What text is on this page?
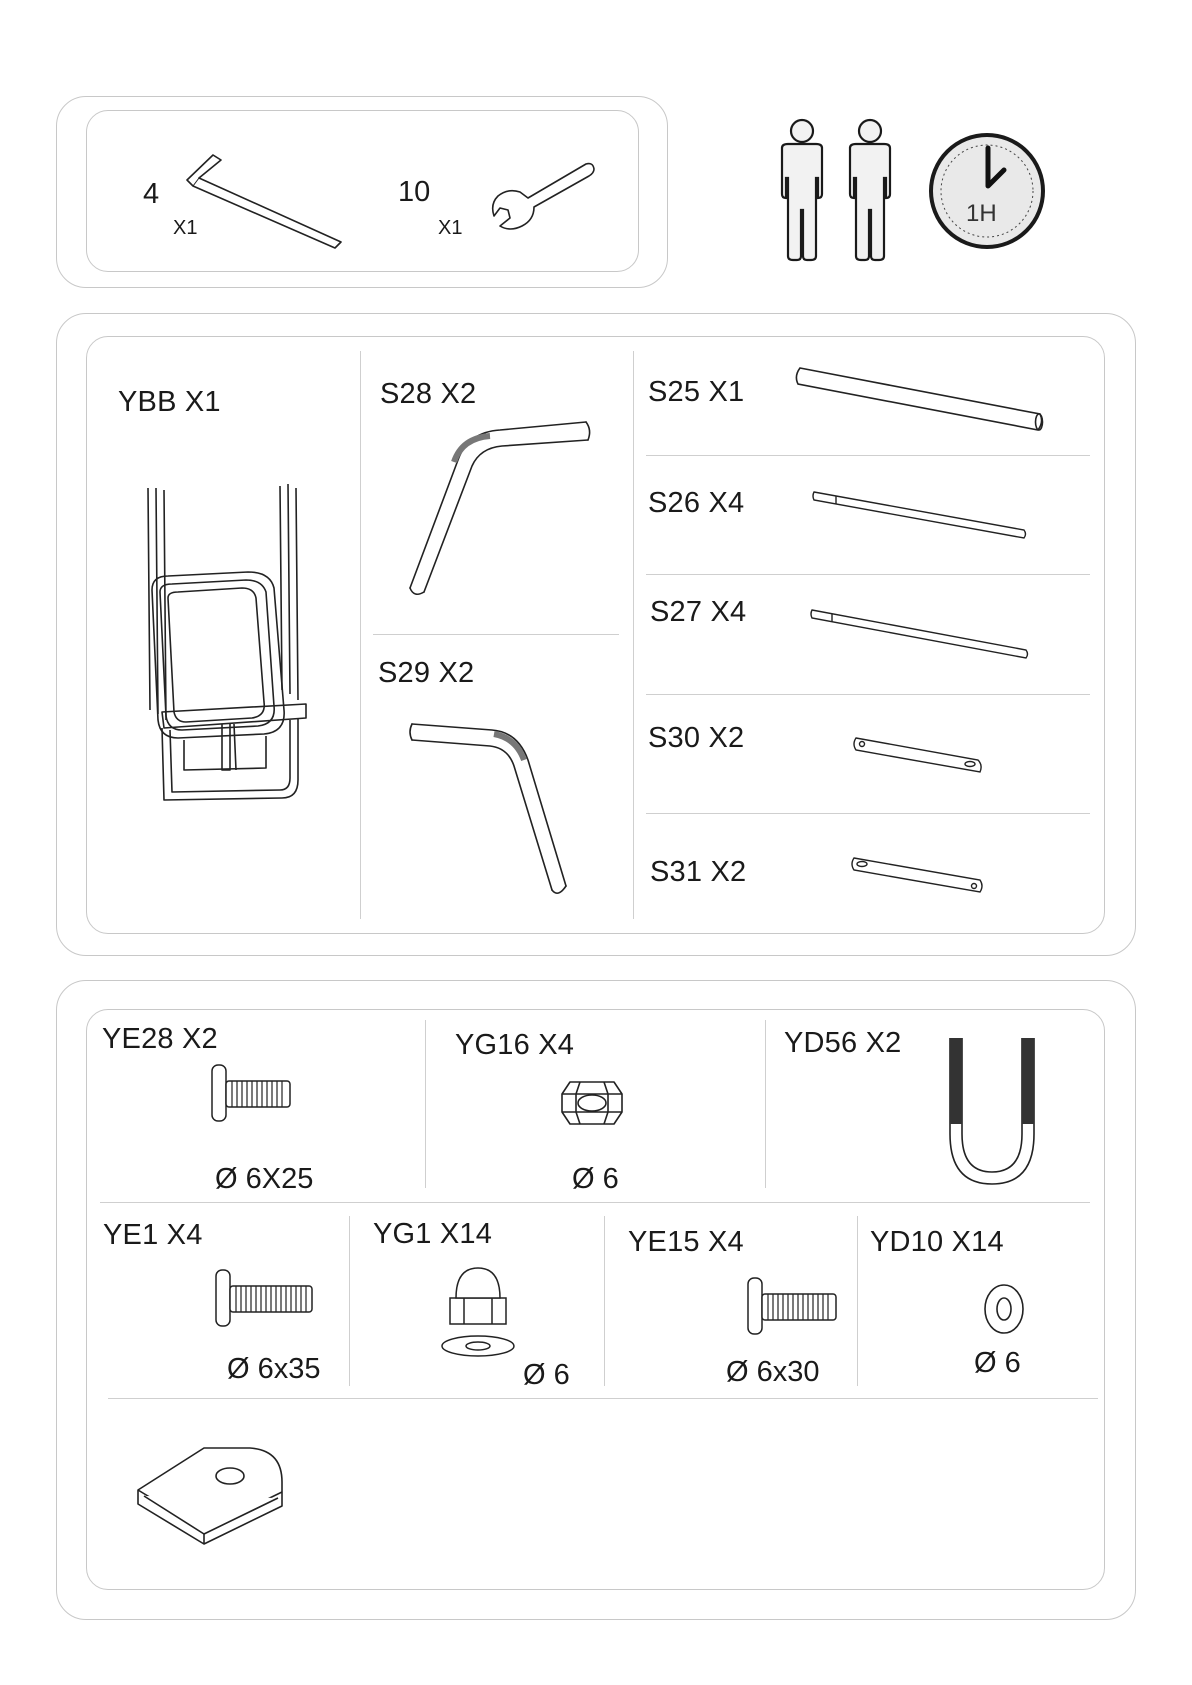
4
X1
10
X1
1H
YBB X1	S28 X2
S29 X2
S25 X1
S26 X4
S27 X4
S30 X2
S31 X2
YE28 X2
Ø 6X25
YG16 X4
Ø 6
YD56 X2
YE1 X4
Ø 6x35
YG1 X14
Ø 6
YE15 X4
Ø 6x30
YD10 X14
Ø 6
